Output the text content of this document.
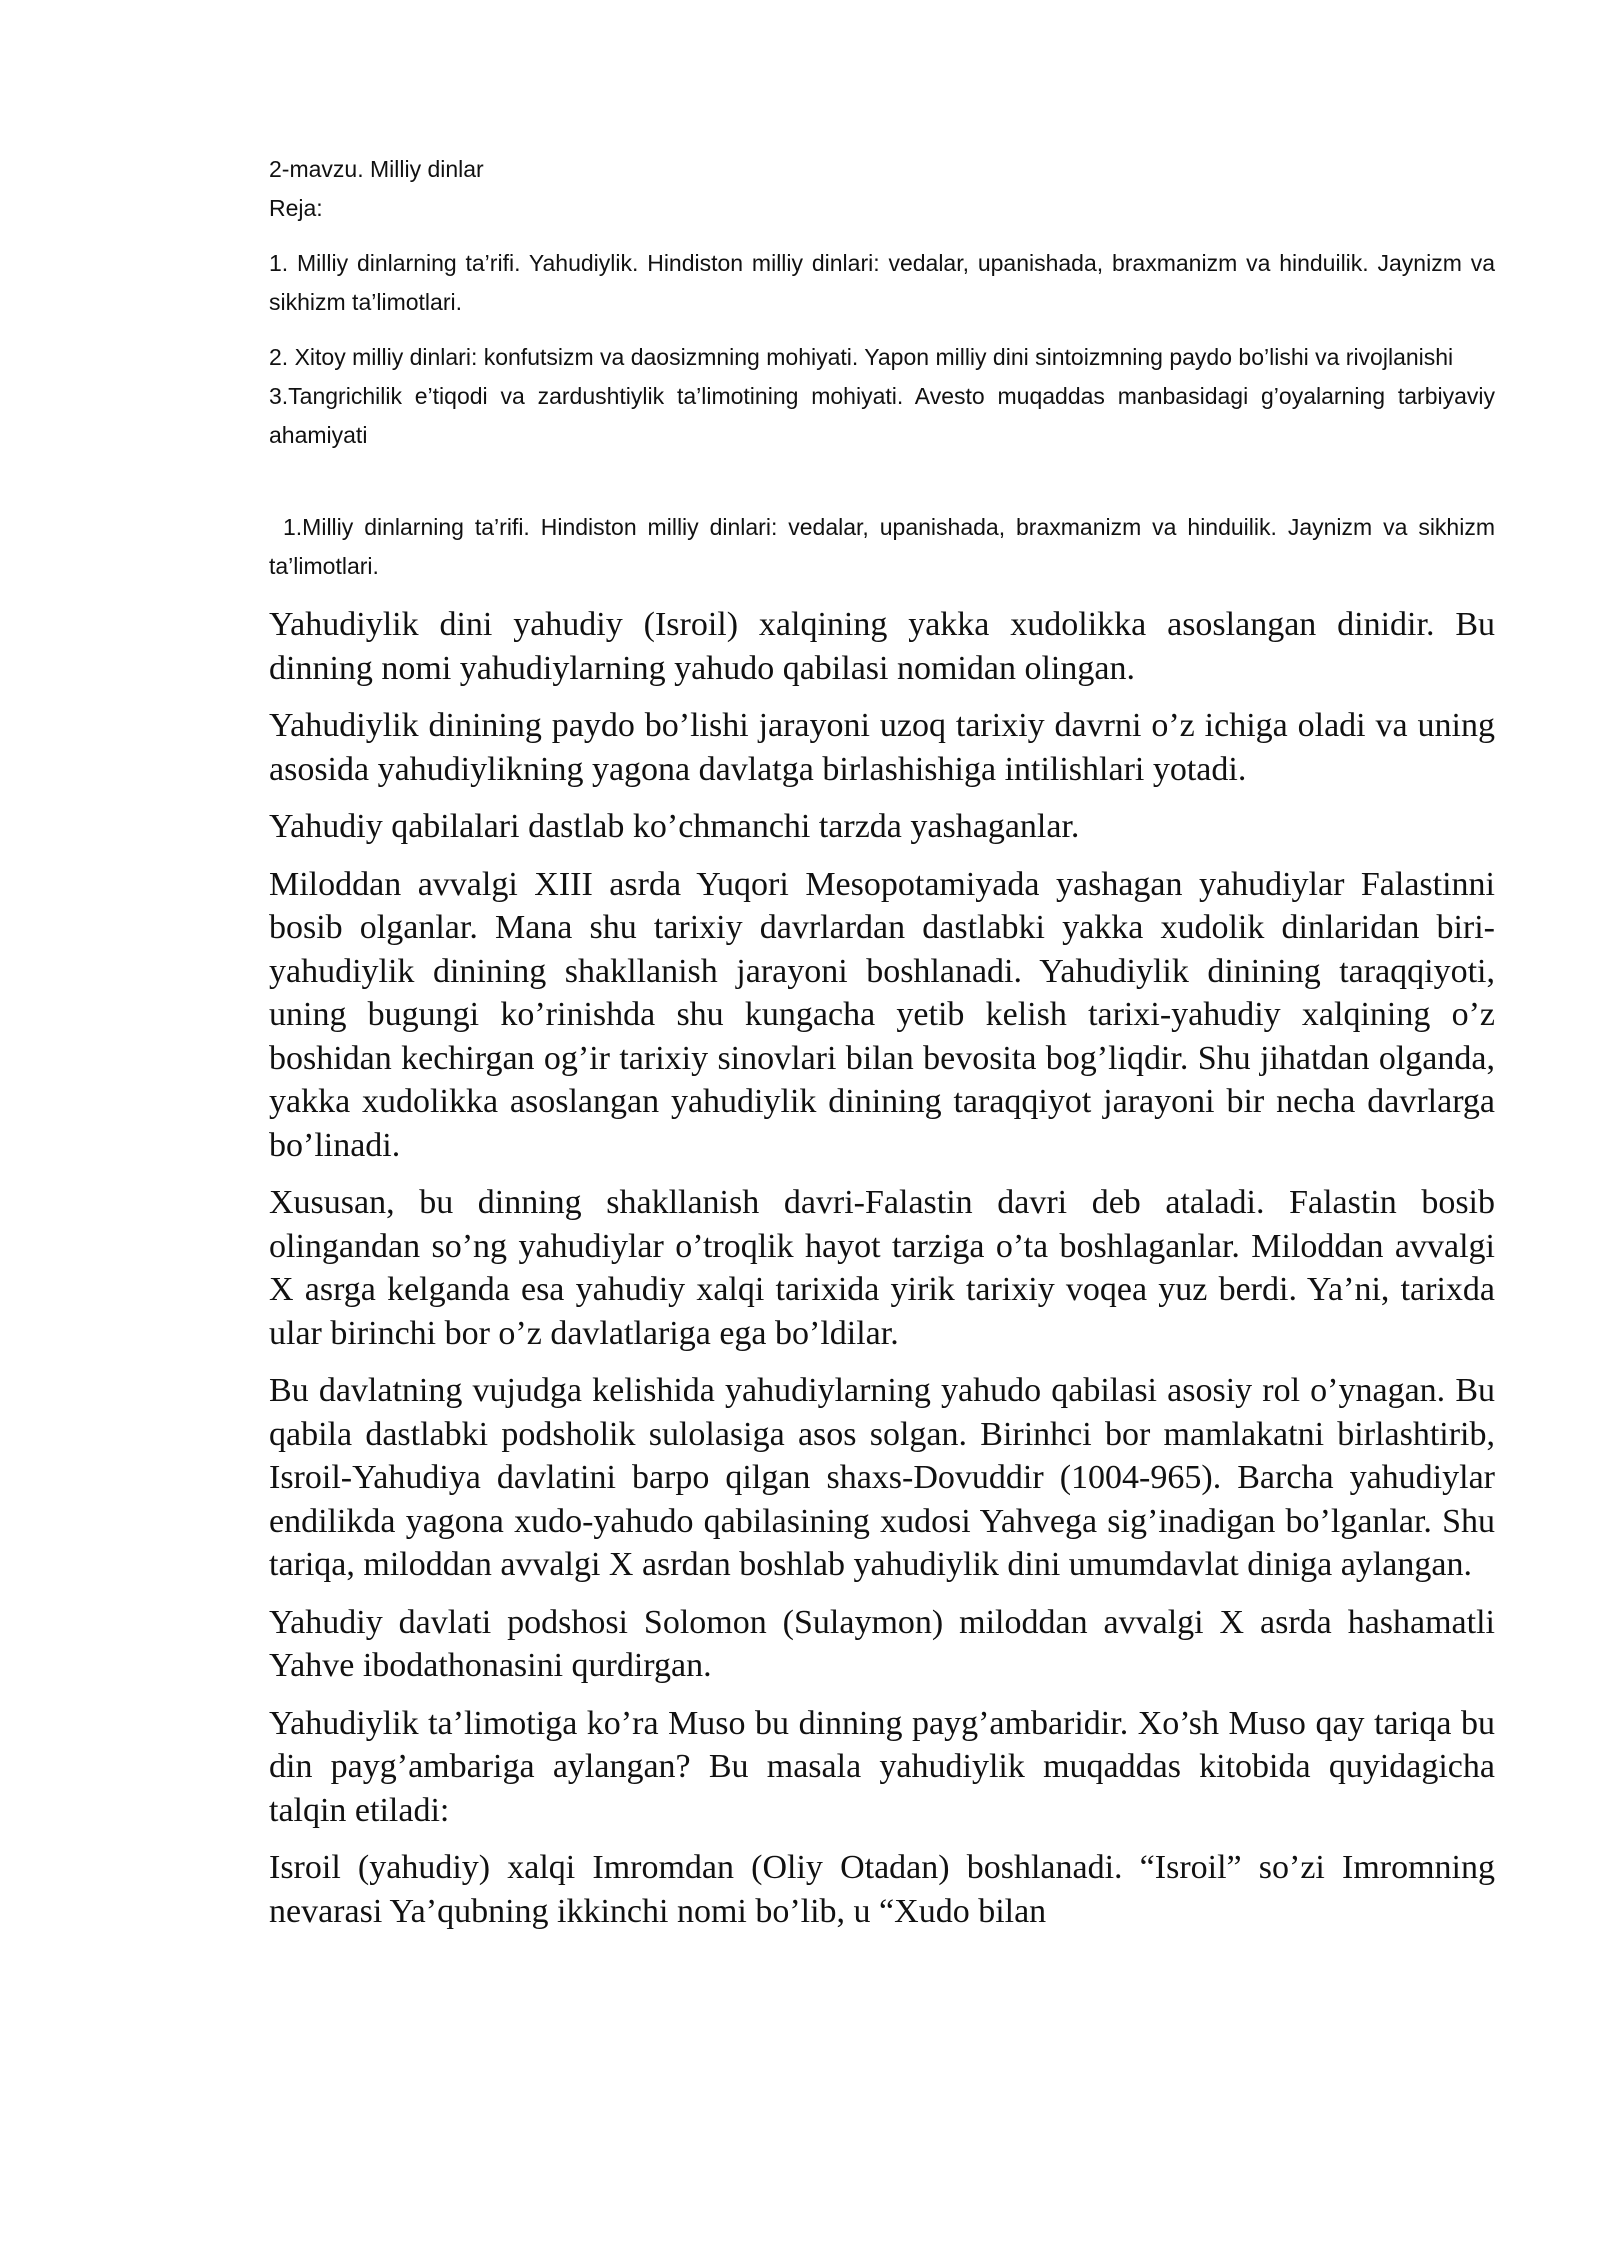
2-mavzu. Milliy dinlar

Reja:

1. Milliy dinlarning ta’rifi. Yahudiylik. Hindiston milliy dinlari: vedalar, upanishada, braxmanizm va hinduilik. Jaynizm va sikhizm ta’limotlari.

2. Xitoy milliy dinlari: konfutsizm va daosizmning mohiyati. Yapon milliy dini sintoizmning paydo bo’lishi va rivojlanishi

3.Tangrichilik e’tiqodi va zardushtiylik ta’limotining mohiyati. Avesto muqaddas manbasidagi g’oyalarning tarbiyaviy ahamiyati

1.Milliy dinlarning ta’rifi. Hindiston milliy dinlari: vedalar, upanishada, braxmanizm va hinduilik. Jaynizm va sikhizm ta’limotlari.

Yahudiylik dini yahudiy (Isroil) xalqining yakka xudolikka asoslangan dinidir. Bu dinning nomi yahudiylarning yahudo qabilasi nomidan olingan.

Yahudiylik dinining paydo bo’lishi jarayoni uzoq tarixiy davrni o’z ichiga oladi va uning asosida yahudiylikning yagona davlatga birlashishiga intilishlari yotadi.

Yahudiy qabilalari dastlab ko’chmanchi tarzda yashaganlar.

Miloddan avvalgi XIII asrda Yuqori Mesopotamiyada yashagan yahudiylar Falastinni bosib olganlar. Mana shu tarixiy davrlardan dastlabki yakka xudolik dinlaridan biri-yahudiylik dinining shakllanish jarayoni boshlanadi. Yahudiylik dinining taraqqiyoti, uning bugungi ko’rinishda shu kungacha yetib kelish tarixi-yahudiy xalqining o’z boshidan kechirgan og’ir tarixiy sinovlari bilan bevosita bog’liqdir. Shu jihatdan olganda, yakka xudolikka asoslangan yahudiylik dinining taraqqiyot jarayoni bir necha davrlarga bo’linadi.

Xususan, bu dinning shakllanish davri-Falastin davri deb ataladi. Falastin bosib olingandan so’ng yahudiylar o’troqlik hayot tarziga o’ta boshlaganlar. Miloddan avvalgi X asrga kelganda esa yahudiy xalqi tarixida yirik tarixiy voqea yuz berdi. Ya’ni, tarixda ular birinchi bor o’z davlatlariga ega bo’ldilar.

Bu davlatning vujudga kelishida yahudiylarning yahudo qabilasi asosiy rol o’ynagan. Bu qabila dastlabki podsholik sulolasiga asos solgan. Birinhci bor mamlakatni birlashtirib, Isroil-Yahudiya davlatini barpo qilgan shaxs-Dovuddir (1004-965). Barcha yahudiylar endilikda yagona xudo-yahudo qabilasining xudosi Yahvega sig’inadigan bo’lganlar. Shu tariqa, miloddan avvalgi X asrdan boshlab yahudiylik dini umumdavlat diniga aylangan.

Yahudiy davlati podshosi Solomon (Sulaymon) miloddan avvalgi X asrda hashamatli Yahve ibodathonasini qurdirgan.

Yahudiylik ta’limotiga ko’ra Muso bu dinning payg’ambaridir. Xo’sh Muso qay tariqa bu din payg’ambariga aylangan? Bu masala yahudiylik muqaddas kitobida quyidagicha talqin etiladi:

Isroil (yahudiy) xalqi Imromdan (Oliy Otadan) boshlanadi. “Isroil” so’zi Imromning nevarasi Ya’qubning ikkinchi nomi bo’lib, u “Xudo bilan
